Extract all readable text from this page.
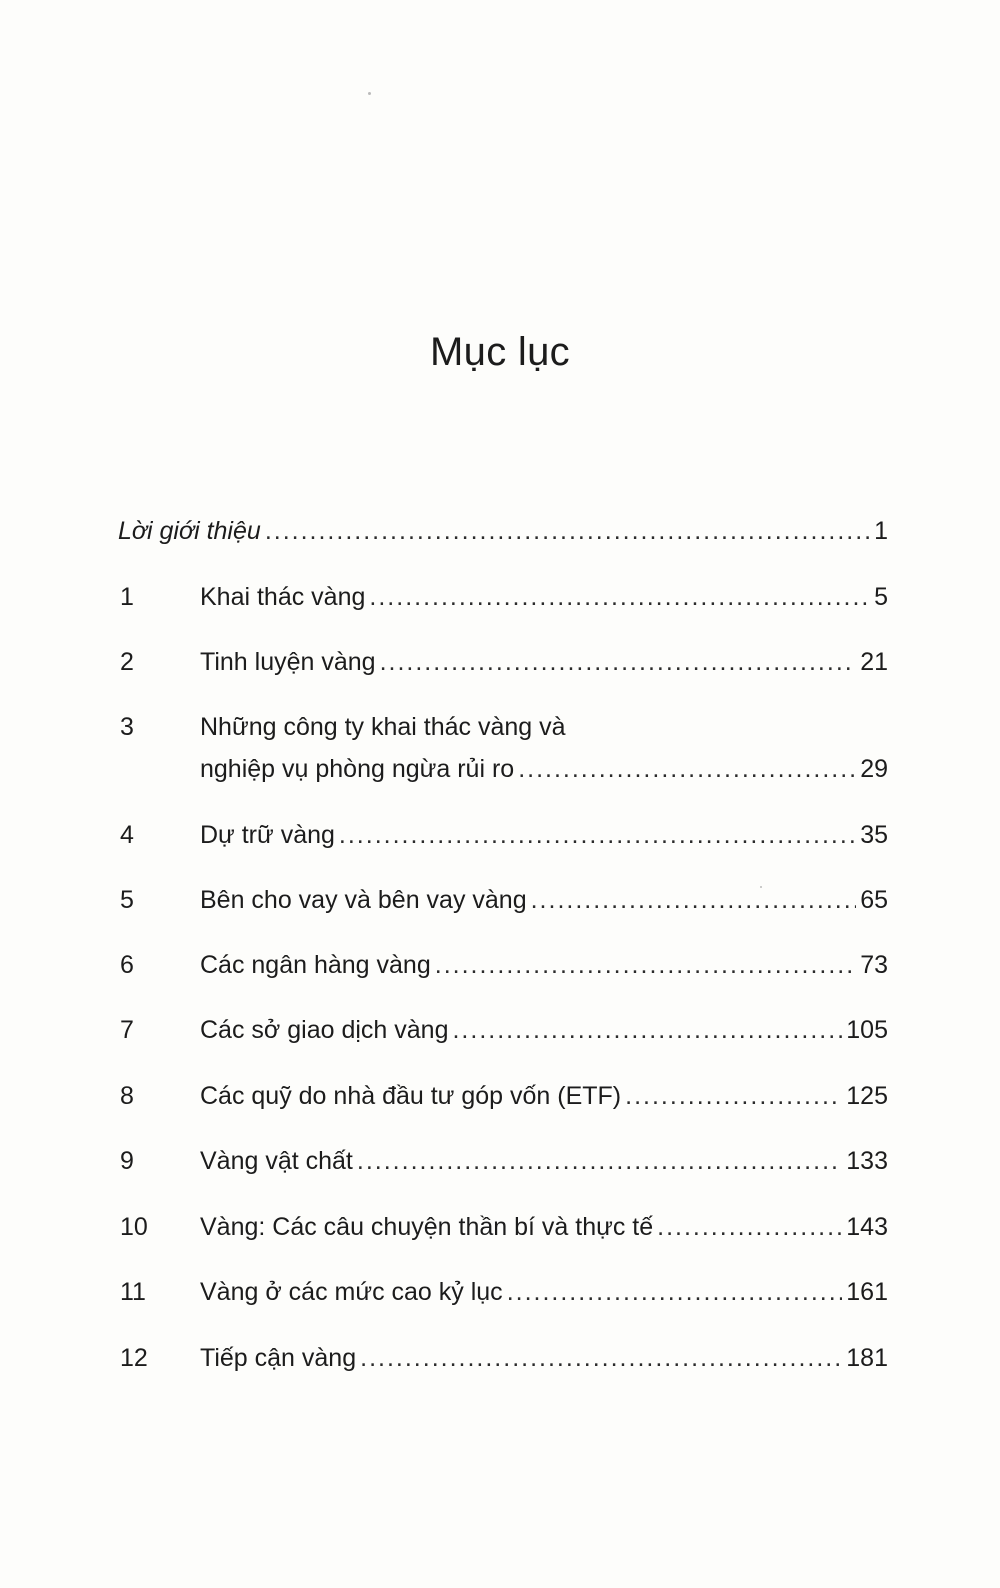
Mục lục
Lời giới thiệu .....	1
1	Khai thác vàng .....	5
2	Tinh luyện vàng .....	21
3	Những công ty khai thác vàng và
nghiệp vụ phòng ngừa rủi ro .....	29
4	Dự trữ vàng .....	35
5	Bên cho vay và bên vay vàng .....	65
6	Các ngân hàng vàng .....	73
7	Các sở giao dịch vàng .....	105
8	Các quỹ do nhà đầu tư góp vốn (ETF) .....	125
9	Vàng vật chất .....	133
10 Vàng: Các câu chuyện thần bí và thực tế .....	143
11 Vàng ở các mức cao kỷ lục .....	161
12 Tiếp cận vàng .....	181
